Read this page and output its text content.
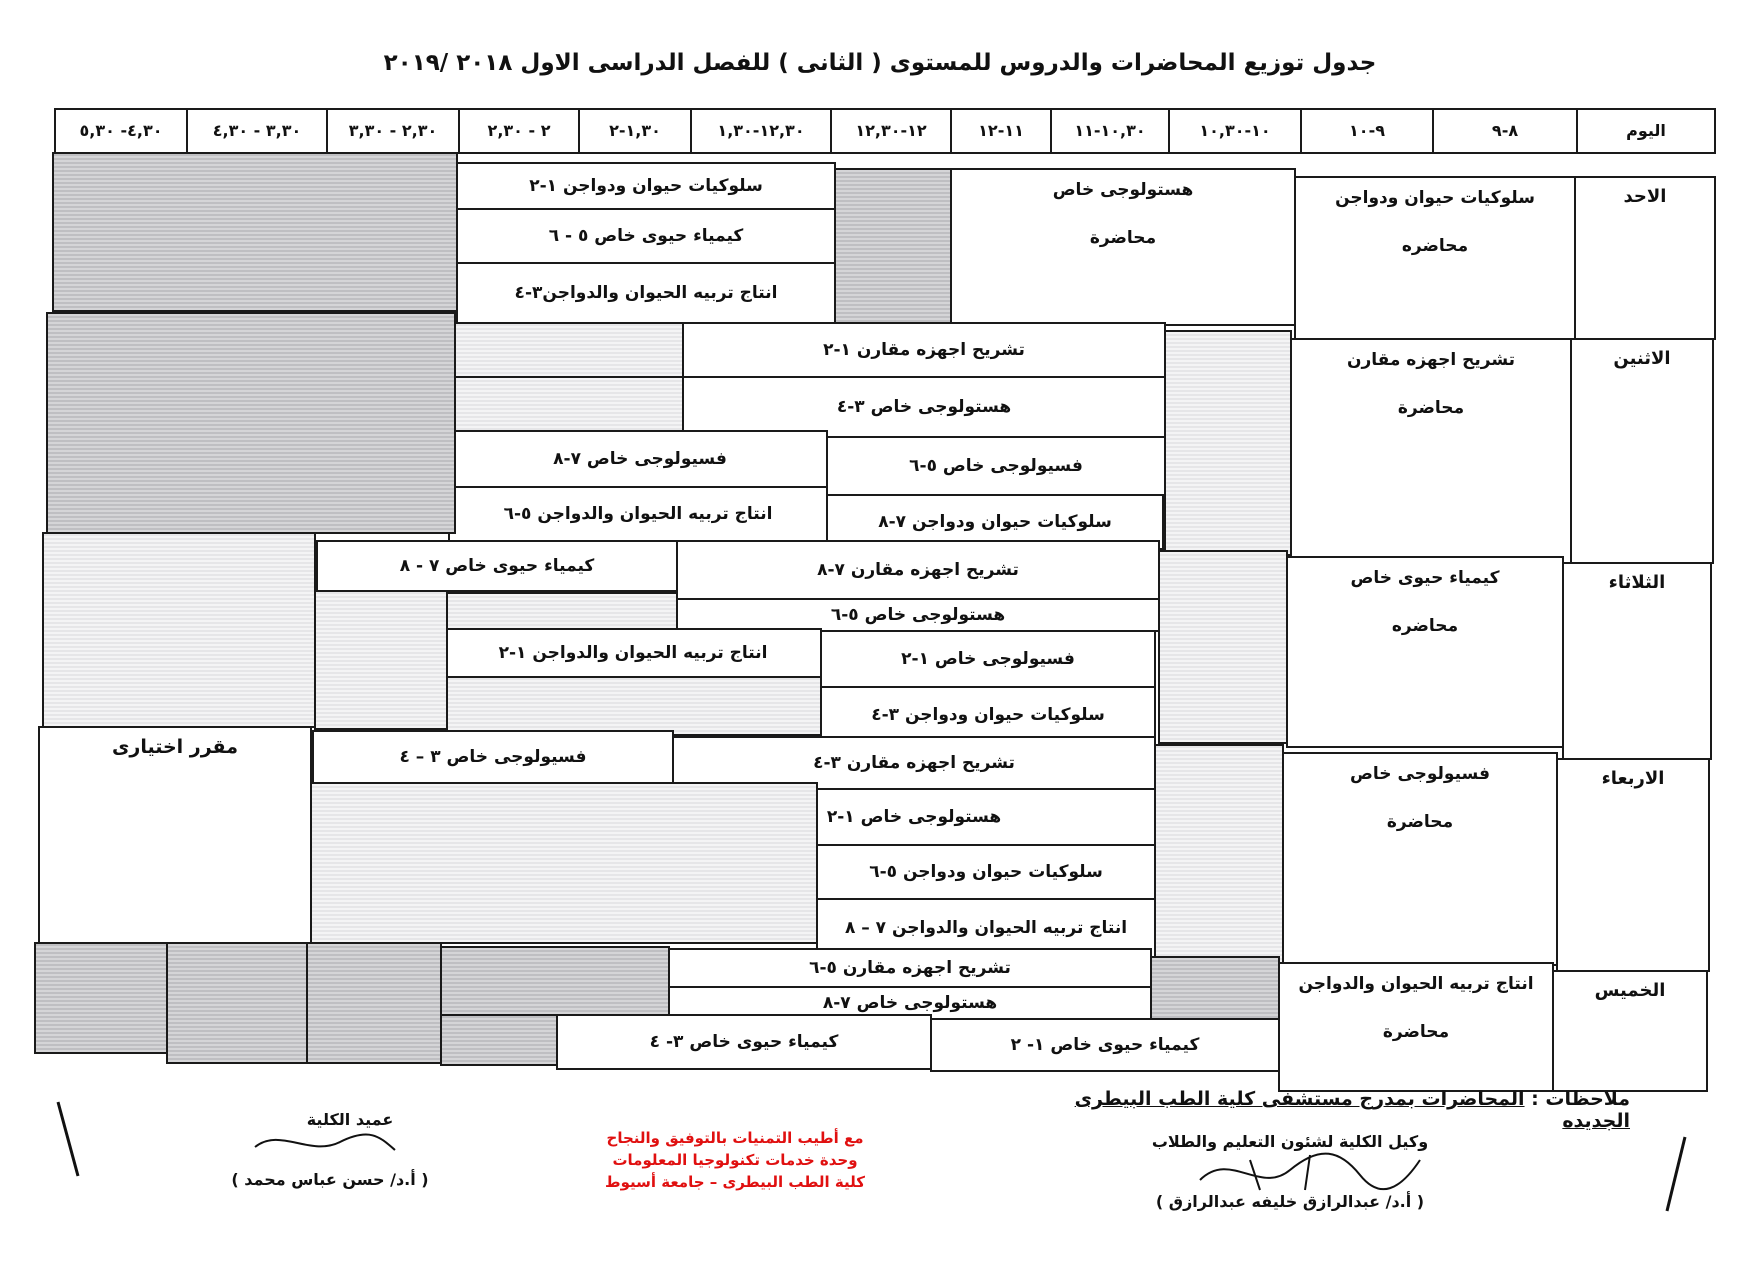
جدول توزيع المحاضرات والدروس للمستوى ( الثانى ) للفصل الدراسى الاول ٢٠١٨ /٢٠١٩
اليوم
٨-٩
٩-١٠
١٠-١٠,٣٠
١٠,٣٠-١١
١١-١٢
١٢-١٢,٣٠
١٢,٣٠-١,٣٠
١,٣٠-٢
٢ - ٢,٣٠
٢,٣٠ - ٣,٣٠
٣,٣٠ - ٤,٣٠
٤,٣٠- ٥,٣٠
الاحد
الاثنين
الثلاثاء
الاربعاء
الخميس
سلوكيات حيوان ودواجن
محاضره
هستولوجى خاص
محاضرة
سلوكيات حيوان ودواجن ١-٢
كيمياء حيوى خاص ٥ - ٦
انتاج تربيه الحيوان والدواجن٣-٤
تشريح اجهزه مقارن
محاضرة
تشريح اجهزه مقارن ١-٢
هستولوجى خاص ٣-٤
فسيولوجى خاص ٥-٦
سلوكيات حيوان ودواجن ٧-٨
فسيولوجى خاص ٧-٨
انتاج تربيه الحيوان والدواجن ٥-٦
كيمياء حيوى خاص
محاضره
تشريح اجهزه مقارن ٧-٨
هستولوجى خاص ٥-٦
فسيولوجى خاص ١-٢
سلوكيات حيوان ودواجن ٣-٤
انتاج تربيه الحيوان والدواجن ١-٢
كيمياء حيوى خاص ٧ - ٨
فسيولوجى خاص
محاضرة
تشريح اجهزه مقارن ٣-٤
هستولوجى خاص ١-٢
سلوكيات حيوان ودواجن ٥-٦
انتاج تربيه الحيوان والدواجن ٧ – ٨
فسيولوجى خاص ٣ – ٤
مقرر اختيارى
انتاج تربيه الحيوان والدواجن
محاضرة
تشريح اجهزه مقارن ٥-٦
هستولوجى خاص ٧-٨
كيمياء حيوى خاص ١- ٢
كيمياء حيوى خاص ٣- ٤
ملاحظات : المحاضرات بمدرج مستشفى كلية الطب البيطرى الجديده
وكيل الكلية لشئون التعليم والطلاب
( أ.د/ عبدالرازق خليفه عبدالرازق )
عميد الكلية
( أ.د/ حسن عباس محمد )
مع أطيب التمنيات بالتوفيق والنجاح
وحدة خدمات تكنولوجيا المعلومات
كلية الطب البيطرى – جامعة أسيوط
